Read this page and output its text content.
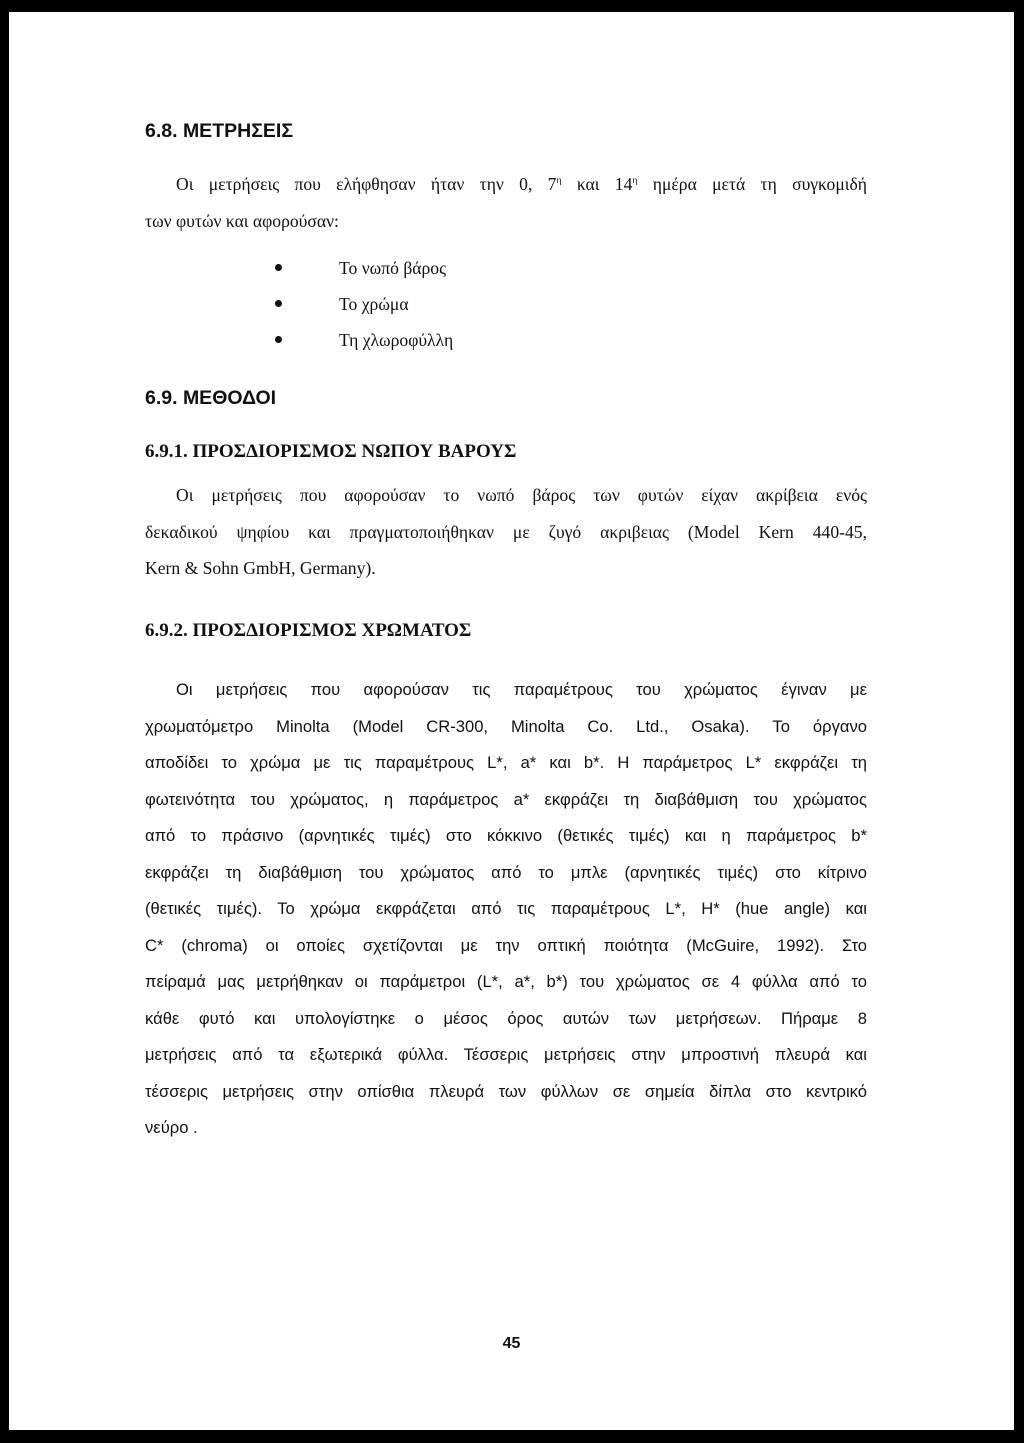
6.8. ΜΕΤΡΗΣΕΙΣ
Οι μετρήσεις που ελήφθησαν ήταν την 0, $7^\eta$ και $14^\eta$ ημέρα μετά τη συγκομιδή
των φυτών και αφορούσαν:
Το νωπό βάρος
Το χρώμα
Τη χλωροφύλλη
6.9. ΜΕΘΟΔΟΙ
6.9.1. ΠΡΟΣΔΙΟΡΙΣΜΟΣ ΝΩΠΟΥ ΒΑΡΟΥΣ
Οι μετρήσεις που αφορούσαν το νωπό βάρος των φυτών είχαν ακρίβεια ενός
δεκαδικού ψηφίου και πραγματοποιήθηκαν με ζυγό ακριβειας (Model Kern 440-45,
Kern & Sohn GmbH, Germany).
6.9.2. ΠΡΟΣΔΙΟΡΙΣΜΟΣ ΧΡΩΜΑΤΟΣ
Οι μετρήσεις που αφορούσαν τις παραμέτρους του χρώματος έγιναν με
χρωματόμετρο Minolta (Model CR-300, Minolta Co. Ltd., Osaka). Το όργανο
αποδίδει το χρώμα με τις παραμέτρους L*, a* και b*. Η παράμετρος L* εκφράζει τη
φωτεινότητα του χρώματος, η παράμετρος a* εκφράζει τη διαβάθμιση του χρώματος
από το πράσινο (αρνητικές τιμές) στο κόκκινο (θετικές τιμές) και η παράμετρος b*
εκφράζει τη διαβάθμιση του χρώματος από το μπλε (αρνητικές τιμές) στο κίτρινο
(θετικές τιμές). Το χρώμα εκφράζεται από τις παραμέτρους L*, H* (hue angle) και
C* (chroma) οι οποίες σχετίζονται με την οπτική ποιότητα (McGuire, 1992). Στο
πείραμά μας μετρήθηκαν οι παράμετροι (L*, a*, b*) του χρώματος σε 4 φύλλα από το
κάθε φυτό και υπολογίστηκε ο μέσος όρος αυτών των μετρήσεων. Πήραμε 8
μετρήσεις από τα εξωτερικά φύλλα. Τέσσερις μετρήσεις στην μπροστινή πλευρά και
τέσσερις μετρήσεις στην οπίσθια πλευρά των φύλλων σε σημεία δίπλα στο κεντρικό
νεύρο .
45
